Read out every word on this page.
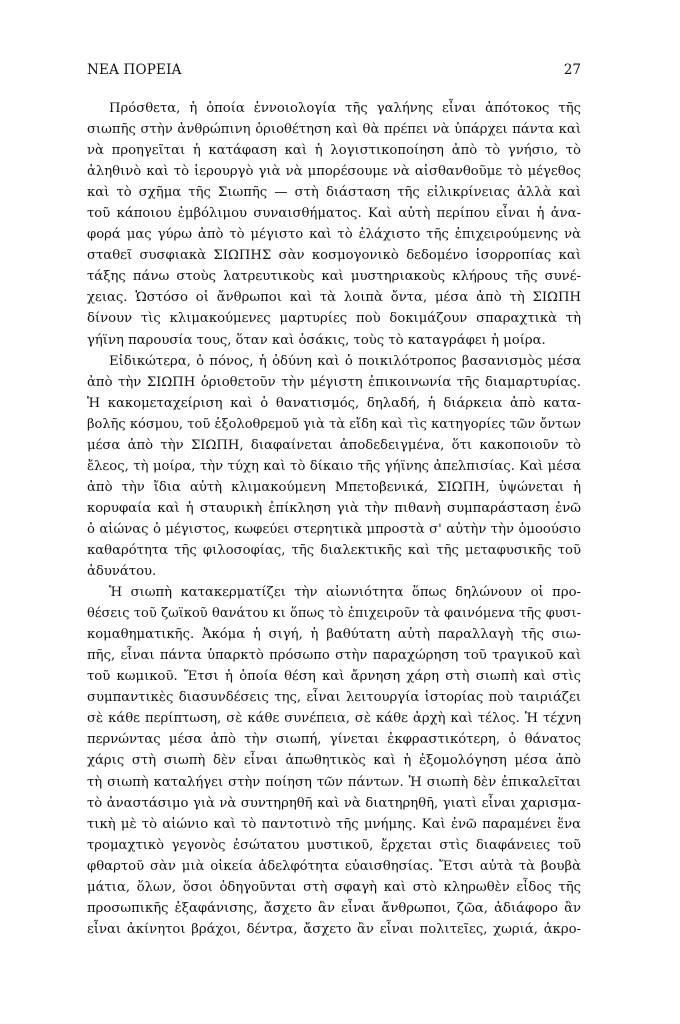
ΝΕΑ ΠΟΡΕΙΑ	27
Πρόσθετα, ἡ ὁποία ἐννοιολογία τῆς γαλήνης εἶναι ἀπότοκος τῆς
σιωπῆς στὴν ἀνθρώπινη ὁριοθέτηση καὶ θὰ πρέπει νὰ ὑπάρχει πάντα καὶ
νὰ προηγεῖται ἡ κατάφαση καὶ ἡ λογιστικοποίηση ἀπὸ τὸ γνήσιο, τὸ
ἀληθινὸ καὶ τὸ ἱερουργὸ γιὰ νὰ μπορέσουμε νὰ αἰσθανθοῦμε τὸ μέγεθος
καὶ τὸ σχῆμα τῆς Σιωπῆς — στὴ διάσταση τῆς εἰλικρίνειας ἀλλὰ καὶ
τοῦ κάποιου ἐμβόλιμου συναισθήματος. Καὶ αὐτὴ περίπου εἶναι ἡ ἀνα-
φορά μας γύρω ἀπὸ τὸ μέγιστο καὶ τὸ ἐλάχιστο τῆς ἐπιχειρούμενης νὰ
σταθεῖ συσφιακὰ ΣΙΩΠΗΣ σὰν κοσμογονικὸ δεδομένο ἰσορροπίας καὶ
τάξης πάνω στοὺς λατρευτικοὺς καὶ μυστηριακοὺς κλήρους τῆς συνέ-
χειας. Ὡστόσο οἱ ἄνθρωποι καὶ τὰ λοιπὰ ὄντα, μέσα ἀπὸ τὴ ΣΙΩΠΗ
δίνουν τὶς κλιμακούμενες μαρτυρίες ποὺ δοκιμάζουν σπαραχτικὰ τὴ
γήϊνη παρουσία τους, ὅταν καὶ ὁσάκις, τοὺς τὸ καταγράφει ἡ μοίρα.
Εἰδικώτερα, ὁ πόνος, ἡ ὀδύνη καὶ ὁ ποικιλότροπος βασανισμὸς μέσα
ἀπὸ τὴν ΣΙΩΠΗ ὁριοθετοῦν τὴν μέγιστη ἐπικοινωνία τῆς διαμαρτυρίας.
Ἡ κακομεταχείριση καὶ ὁ θανατισμός, δηλαδή, ἡ διάρκεια ἀπὸ κατα-
βολῆς κόσμου, τοῦ ἐξολοθρεμοῦ γιὰ τὰ εἴδη καὶ τὶς κατηγορίες τῶν ὄντων
μέσα ἀπὸ τὴν ΣΙΩΠΗ, διαφαίνεται ἀποδεδειγμένα, ὅτι κακοποιοῦν τὸ
ἔλεος, τὴ μοίρα, τὴν τύχη καὶ τὸ δίκαιο τῆς γήϊνης ἀπελπισίας. Καὶ μέσα
ἀπὸ τὴν ἴδια αὐτὴ κλιμακούμενη Μπετοβενικά, ΣΙΩΠΗ, ὑψώνεται ἡ
κορυφαία καὶ ἡ σταυρικὴ ἐπίκληση γιὰ τὴν πιθανὴ συμπαράσταση ἐνῶ
ὁ αἰώνας ὁ μέγιστος, κωφεύει στερητικὰ μπροστὰ σ' αὐτὴν τὴν ὁμοούσιο
καθαρότητα τῆς φιλοσοφίας, τῆς διαλεκτικῆς καὶ τῆς μεταφυσικῆς τοῦ
ἀδυνάτου.
Ἡ σιωπὴ κατακερματίζει τὴν αἰωνιότητα ὅπως δηλώνουν οἱ προ-
θέσεις τοῦ ζωϊκοῦ θανάτου κι ὅπως τὸ ἐπιχειροῦν τὰ φαινόμενα τῆς φυσι-
κομαθηματικῆς. Ἀκόμα ἡ σιγή, ἡ βαθύτατη αὐτὴ παραλλαγὴ τῆς σιω-
πῆς, εἶναι πάντα ὑπαρκτὸ πρόσωπο στὴν παραχώρηση τοῦ τραγικοῦ καὶ
τοῦ κωμικοῦ. Ἔτσι ἡ ὁποία θέση καὶ ἄρνηση χάρη στὴ σιωπὴ καὶ στὶς
συμπαντικὲς διασυνδέσεις της, εἶναι λειτουργία ἱστορίας ποὺ ταιριάζει
σὲ κάθε περίπτωση, σὲ κάθε συνέπεια, σὲ κάθε ἀρχὴ καὶ τέλος. Ἡ τέχνη
περνώντας μέσα ἀπὸ τὴν σιωπή, γίνεται ἐκφραστικότερη, ὁ θάνατος
χάρις στὴ σιωπὴ δὲν εἶναι ἀπωθητικὸς καὶ ἡ ἐξομολόγηση μέσα ἀπὸ
τὴ σιωπὴ καταλήγει στὴν ποίηση τῶν πάντων. Ἡ σιωπὴ δὲν ἐπικαλεῖται
τὸ ἀναστάσιμο γιὰ νὰ συντηρηθῆ καὶ νὰ διατηρηθῆ, γιατὶ εἶναι χαρισμα-
τικὴ μὲ τὸ αἰώνιο καὶ τὸ παντοτινὸ τῆς μνήμης. Καὶ ἐνῶ παραμένει ἕνα
τρομαχτικὸ γεγονὸς ἐσώτατου μυστικοῦ, ἔρχεται στὶς διαφάνειες τοῦ
φθαρτοῦ σὰν μιὰ οἰκεία ἀδελφότητα εὐαισθησίας. Ἔτσι αὐτὰ τὰ βουβὰ
μάτια, ὅλων, ὅσοι ὁδηγοῦνται στὴ σφαγὴ καὶ στὸ κληρωθὲν εἶδος τῆς
προσωπικῆς ἐξαφάνισης, ἄσχετο ἂν εἶναι ἄνθρωποι, ζῶα, ἀδιάφορο ἂν
εἶναι ἀκίνητοι βράχοι, δέντρα, ἄσχετο ἂν εἶναι πολιτεῖες, χωριά, ἀκρο-
